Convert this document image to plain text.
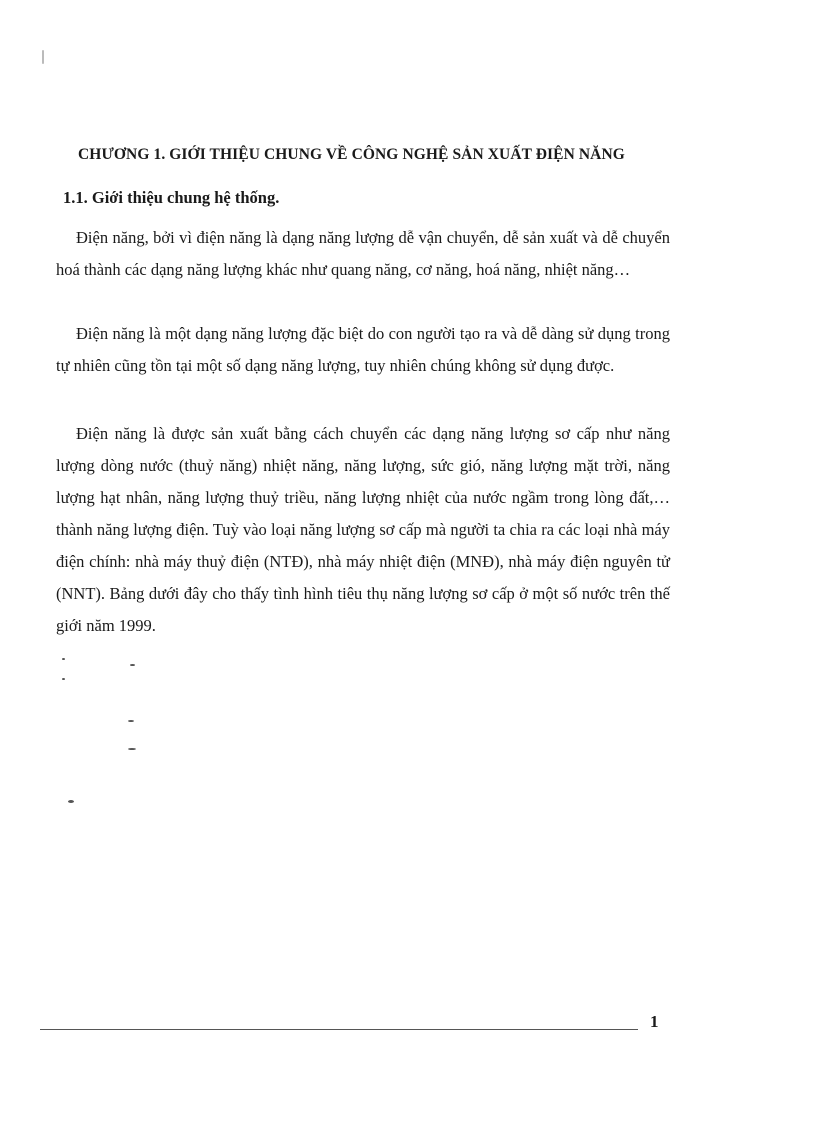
CHƯƠNG 1. GIỚI THIỆU CHUNG VỀ CÔNG NGHỆ SẢN XUẤT ĐIỆN NĂNG
1.1. Giới thiệu chung hệ thống.

Điện năng, bởi vì điện năng là dạng năng lượng dễ vận chuyển, dễ sản xuất và dễ chuyển hoá thành các dạng năng lượng khác như quang năng, cơ năng, hoá năng, nhiệt năng…

Điện năng là một dạng năng lượng đặc biệt do con người tạo ra và dễ dàng sử dụng trong tự nhiên cũng tồn tại một số dạng năng lượng, tuy nhiên chúng không sử dụng được.

Điện năng là được sản xuất bằng cách chuyển các dạng năng lượng sơ cấp như năng lượng dòng nước (thuỷ năng) nhiệt năng, năng lượng, sức gió, năng lượng mặt trời, năng lượng hạt nhân, năng lượng thuỷ triều, năng lượng nhiệt của nước ngầm trong lòng đất,… thành năng lượng điện. Tuỳ vào loại năng lượng sơ cấp mà người ta chia ra các loại nhà máy điện chính: nhà máy thuỷ điện (NTĐ), nhà máy nhiệt điện (MNĐ), nhà máy điện nguyên tử (NNT). Bảng dưới đây cho thấy tình hình tiêu thụ năng lượng sơ cấp ở một số nước trên thế giới năm 1999.

1
